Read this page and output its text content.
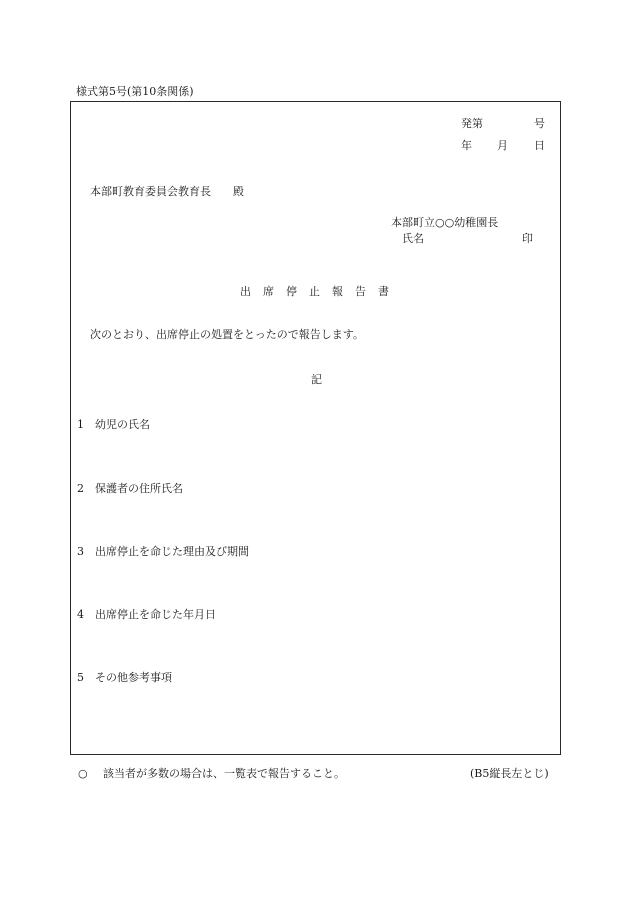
様式第5号(第10条関係)
発第	号
年 月 日
本部町教育委員会教育長　　殿
本部町立○○幼稚園長
氏名	印
出席停止報告書
次のとおり、出席停止の処置をとったので報告します。
記
1 幼児の氏名
2 保護者の住所氏名
3 出席停止を命じた理由及び期間
4 出席停止を命じた年月日
5 その他参考事項
○ 該当者が多数の場合は、一覧表で報告すること。	(B5縦長左とじ)
